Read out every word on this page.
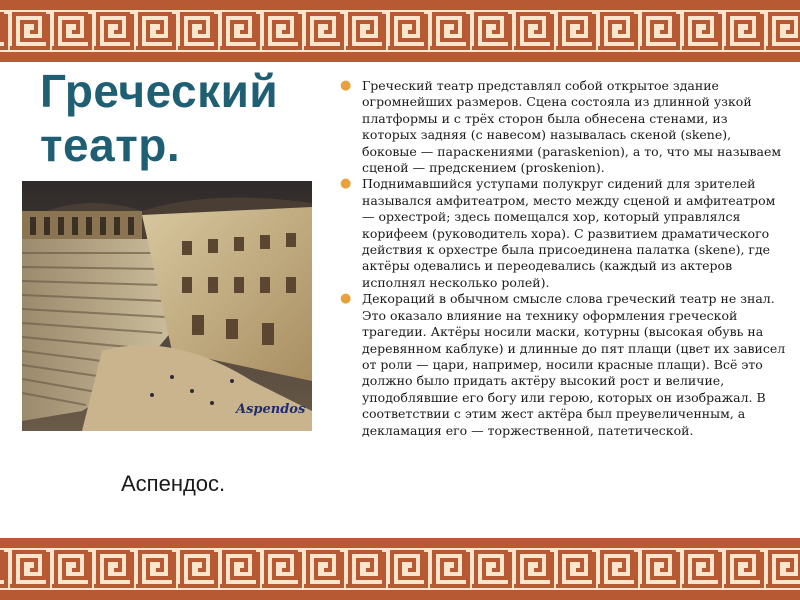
Греческий театр.
Aspendos
Аспендос.
● Греческий театр представлял собой открытое здание огромнейших размеров. Сцена состояла из длинной узкой платформы и с трёх сторон была обнесена стенами, из которых задняя (с навесом) называлась скеной (skene), боковые — параскениями (paraskenion), а то, что мы называем сценой — предскением (proskenion).
● Поднимавшийся уступами полукруг сидений для зрителей назывался амфитеатром, место между сценой и амфитеатром — орхестрой; здесь помещался хор, который управлялся корифеем (руководитель хора). С развитием драматического действия к орхестре была присоединена палатка (skene), где актёры одевались и переодевались (каждый из актеров исполнял несколько ролей).
● Декораций в обычном смысле слова греческий театр не знал. Это оказало влияние на технику оформления греческой трагедии. Актёры носили маски, котурны (высокая обувь на деревянном каблуке) и длинные до пят плащи (цвет их зависел от роли — цари, например, носили красные плащи). Всё это должно было придать актёру высокий рост и величие, уподоблявшие его богу или герою, которых он изображал. В соответствии с этим жест актёра был преувеличенным, а декламация его — торжественной, патетической.
